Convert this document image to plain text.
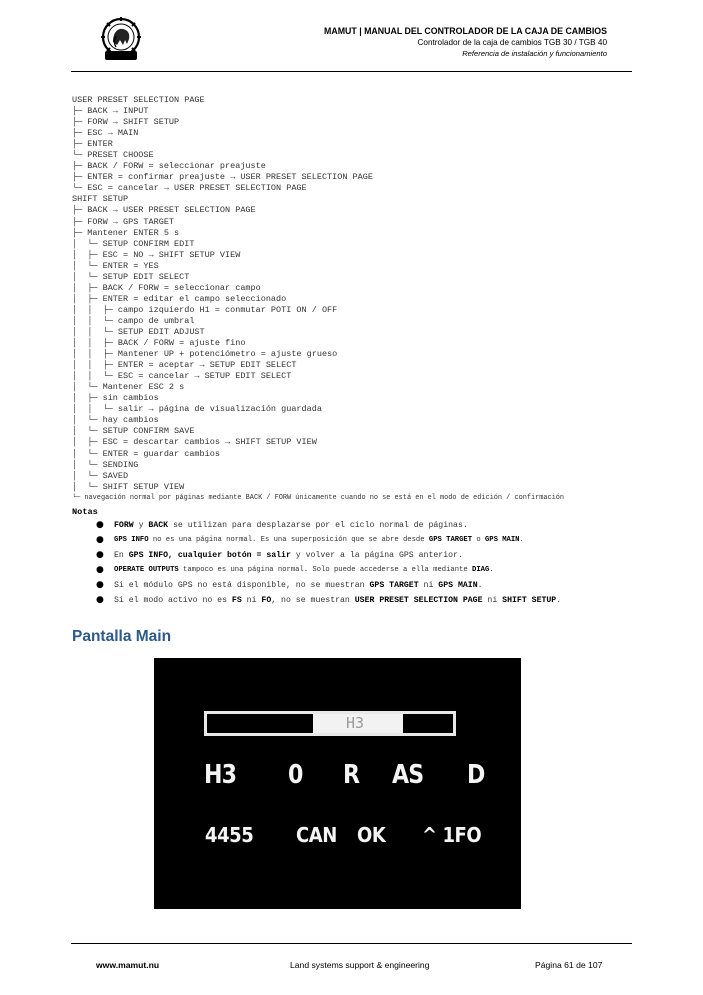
MAMUT | MANUAL DEL CONTROLADOR DE LA CAJA DE CAMBIOS
Controlador de la caja de cambios TGB 30 / TGB 40
Referencia de instalación y funcionamiento
USER PRESET SELECTION PAGE
├─ BACK → INPUT
├─ FORW → SHIFT SETUP
├─ ESC → MAIN
├─ ENTER
└─ PRESET CHOOSE
├─ BACK / FORW = seleccionar preajuste
├─ ENTER = confirmar preajuste → USER PRESET SELECTION PAGE
└─ ESC = cancelar → USER PRESET SELECTION PAGE
SHIFT SETUP
├─ BACK → USER PRESET SELECTION PAGE
├─ FORW → GPS TARGET
├─ Mantener ENTER 5 s
│  └─ SETUP CONFIRM EDIT
│  ├─ ESC = NO → SHIFT SETUP VIEW
│  └─ ENTER = YES
│  └─ SETUP EDIT SELECT
│  ├─ BACK / FORW = seleccionar campo
│  ├─ ENTER = editar el campo seleccionado
│  │  ├─ campo izquierdo H1 = conmutar POTI ON / OFF
│  │  └─ campo de umbral
│  │  └─ SETUP EDIT ADJUST
│  │  ├─ BACK / FORW = ajuste fino
│  │  ├─ Mantener UP + potenciómetro = ajuste grueso
│  │  ├─ ENTER = aceptar → SETUP EDIT SELECT
│  │  └─ ESC = cancelar → SETUP EDIT SELECT
│  └─ Mantener ESC 2 s
│  ├─ sin cambios
│  │  └─ salir → página de visualización guardada
│  └─ hay cambios
│  └─ SETUP CONFIRM SAVE
│  ├─ ESC = descartar cambios → SHIFT SETUP VIEW
│  └─ ENTER = guardar cambios
│  └─ SENDING
│  └─ SAVED
│  └─ SHIFT SETUP VIEW
└─ navegación normal por páginas mediante BACK / FORW únicamente cuando no se está en el modo de edición / confirmación
Notas
● FORW y BACK se utilizan para desplazarse por el ciclo normal de páginas.
● GPS INFO no es una página normal. Es una superposición que se abre desde GPS TARGET o GPS MAIN.
● En GPS INFO, cualquier botón = salir y volver a la página GPS anterior.
● OPERATE OUTPUTS tampoco es una página normal. Solo puede accederse a ella mediante DIAG.
● Si el módulo GPS no está disponible, no se muestran GPS TARGET ni GPS MAIN.
● Si el modo activo no es FS ni FO, no se muestran USER PRESET SELECTION PAGE ni SHIFT SETUP.
Pantalla Main
H3
H3 0 R AS D
4455 CAN OK ^ 1FO
www.mamut.nu	Land systems support & engineering	Página 61 de 107
